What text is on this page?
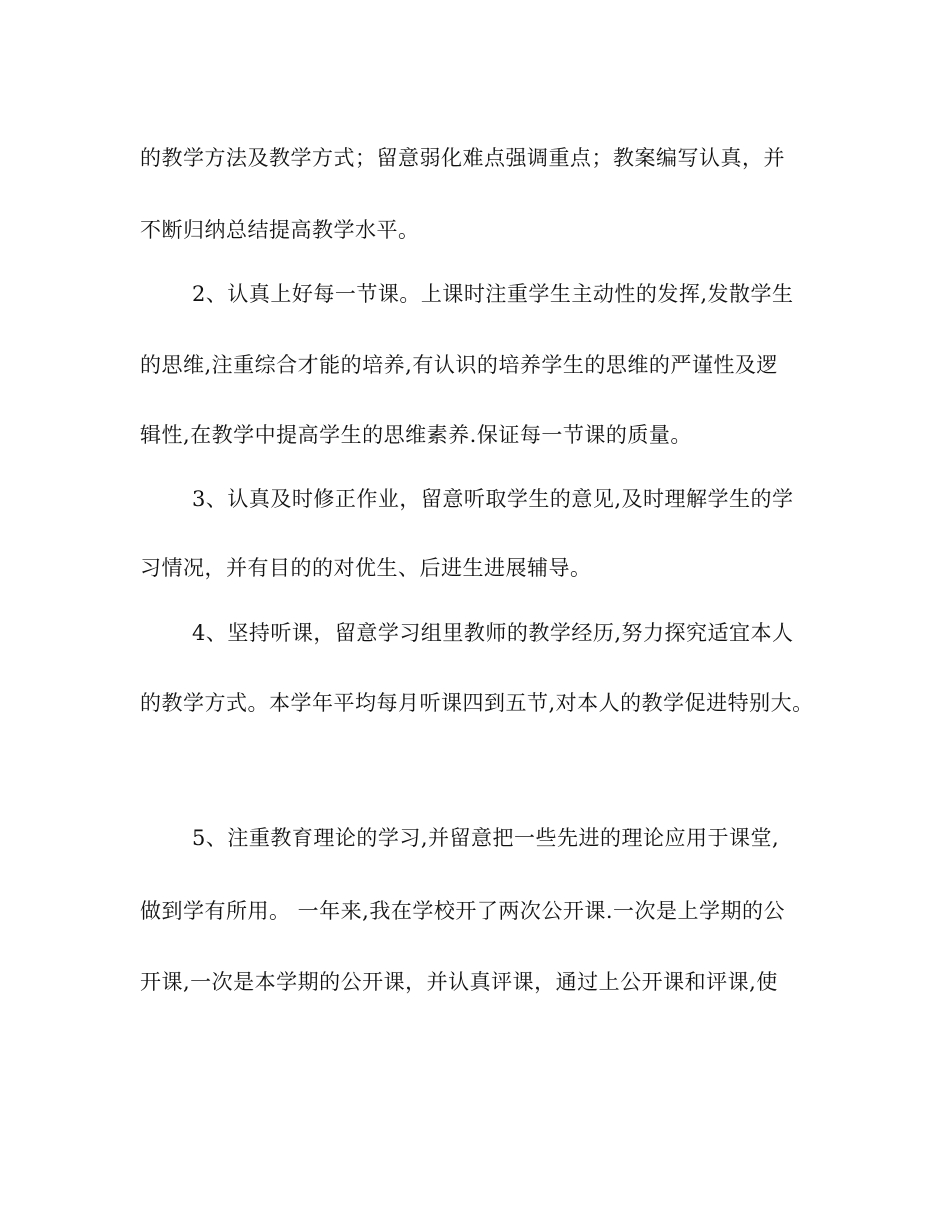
的教学方法及教学方式；留意弱化难点强调重点；教案编写认真，并
不断归纳总结提高教学水平。
2、认真上好每一节课。上课时注重学生主动性的发挥,发散学生
的思维,注重综合才能的培养,有认识的培养学生的思维的严谨性及逻
辑性,在教学中提高学生的思维素养.保证每一节课的质量。
3、认真及时修正作业，留意听取学生的意见,及时理解学生的学
习情况，并有目的的对优生、后进生进展辅导。
4、坚持听课，留意学习组里教师的教学经历,努力探究适宜本人
的教学方式。本学年平均每月听课四到五节,对本人的教学促进特别大。
5、注重教育理论的学习,并留意把一些先进的理论应用于课堂,
做到学有所用。 一年来,我在学校开了两次公开课.一次是上学期的公
开课,一次是本学期的公开课，并认真评课，通过上公开课和评课,使
